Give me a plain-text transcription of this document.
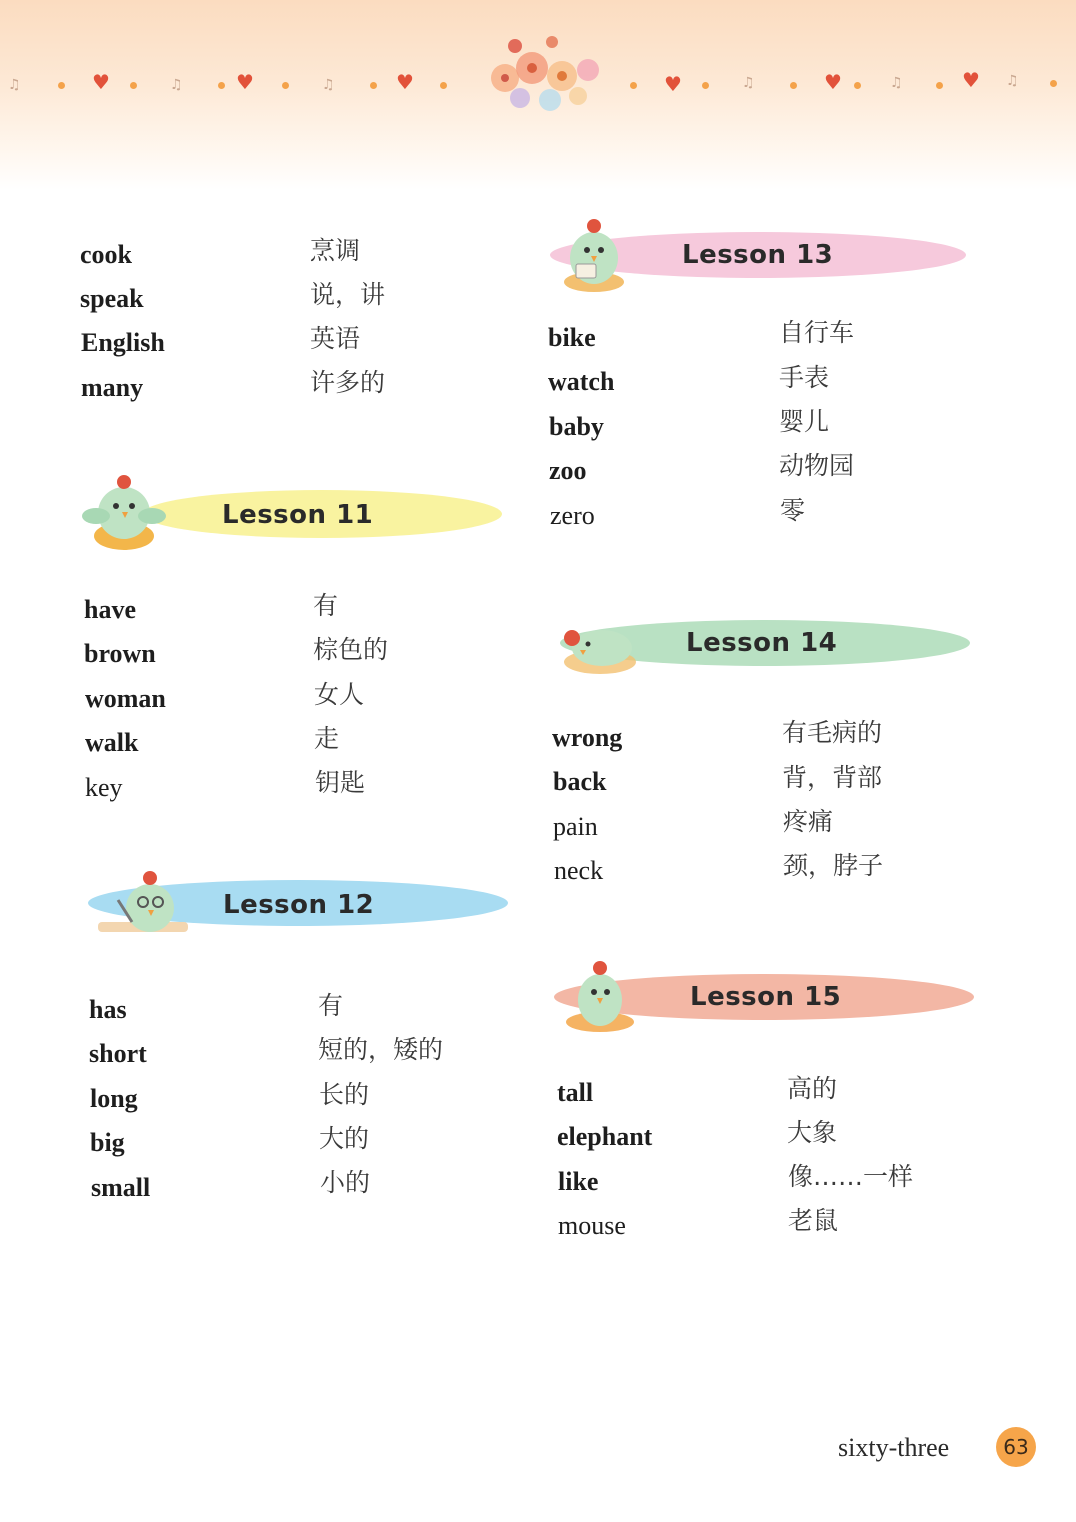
♫	♥	♫	♥	♫	♥	♥	♫	♥	♫	♥ ♫
cook	烹调
speak	说，讲
English	英语
many	许多的
Lesson 11
have	有
brown	棕色的
woman	女人
walk	走
key	钥匙
Lesson 12
has	有
short	短的，矮的
long	长的
big	大的
small	小的
Lesson 13
bike	自行车
watch	手表
baby	婴儿
zoo	动物园
zero	零
Lesson 14
wrong	有毛病的
back	背，背部
pain	疼痛
neck	颈，脖子
Lesson 15
tall	高的
elephant	大象
like	像……一样
mouse	老鼠
sixty-three	63
